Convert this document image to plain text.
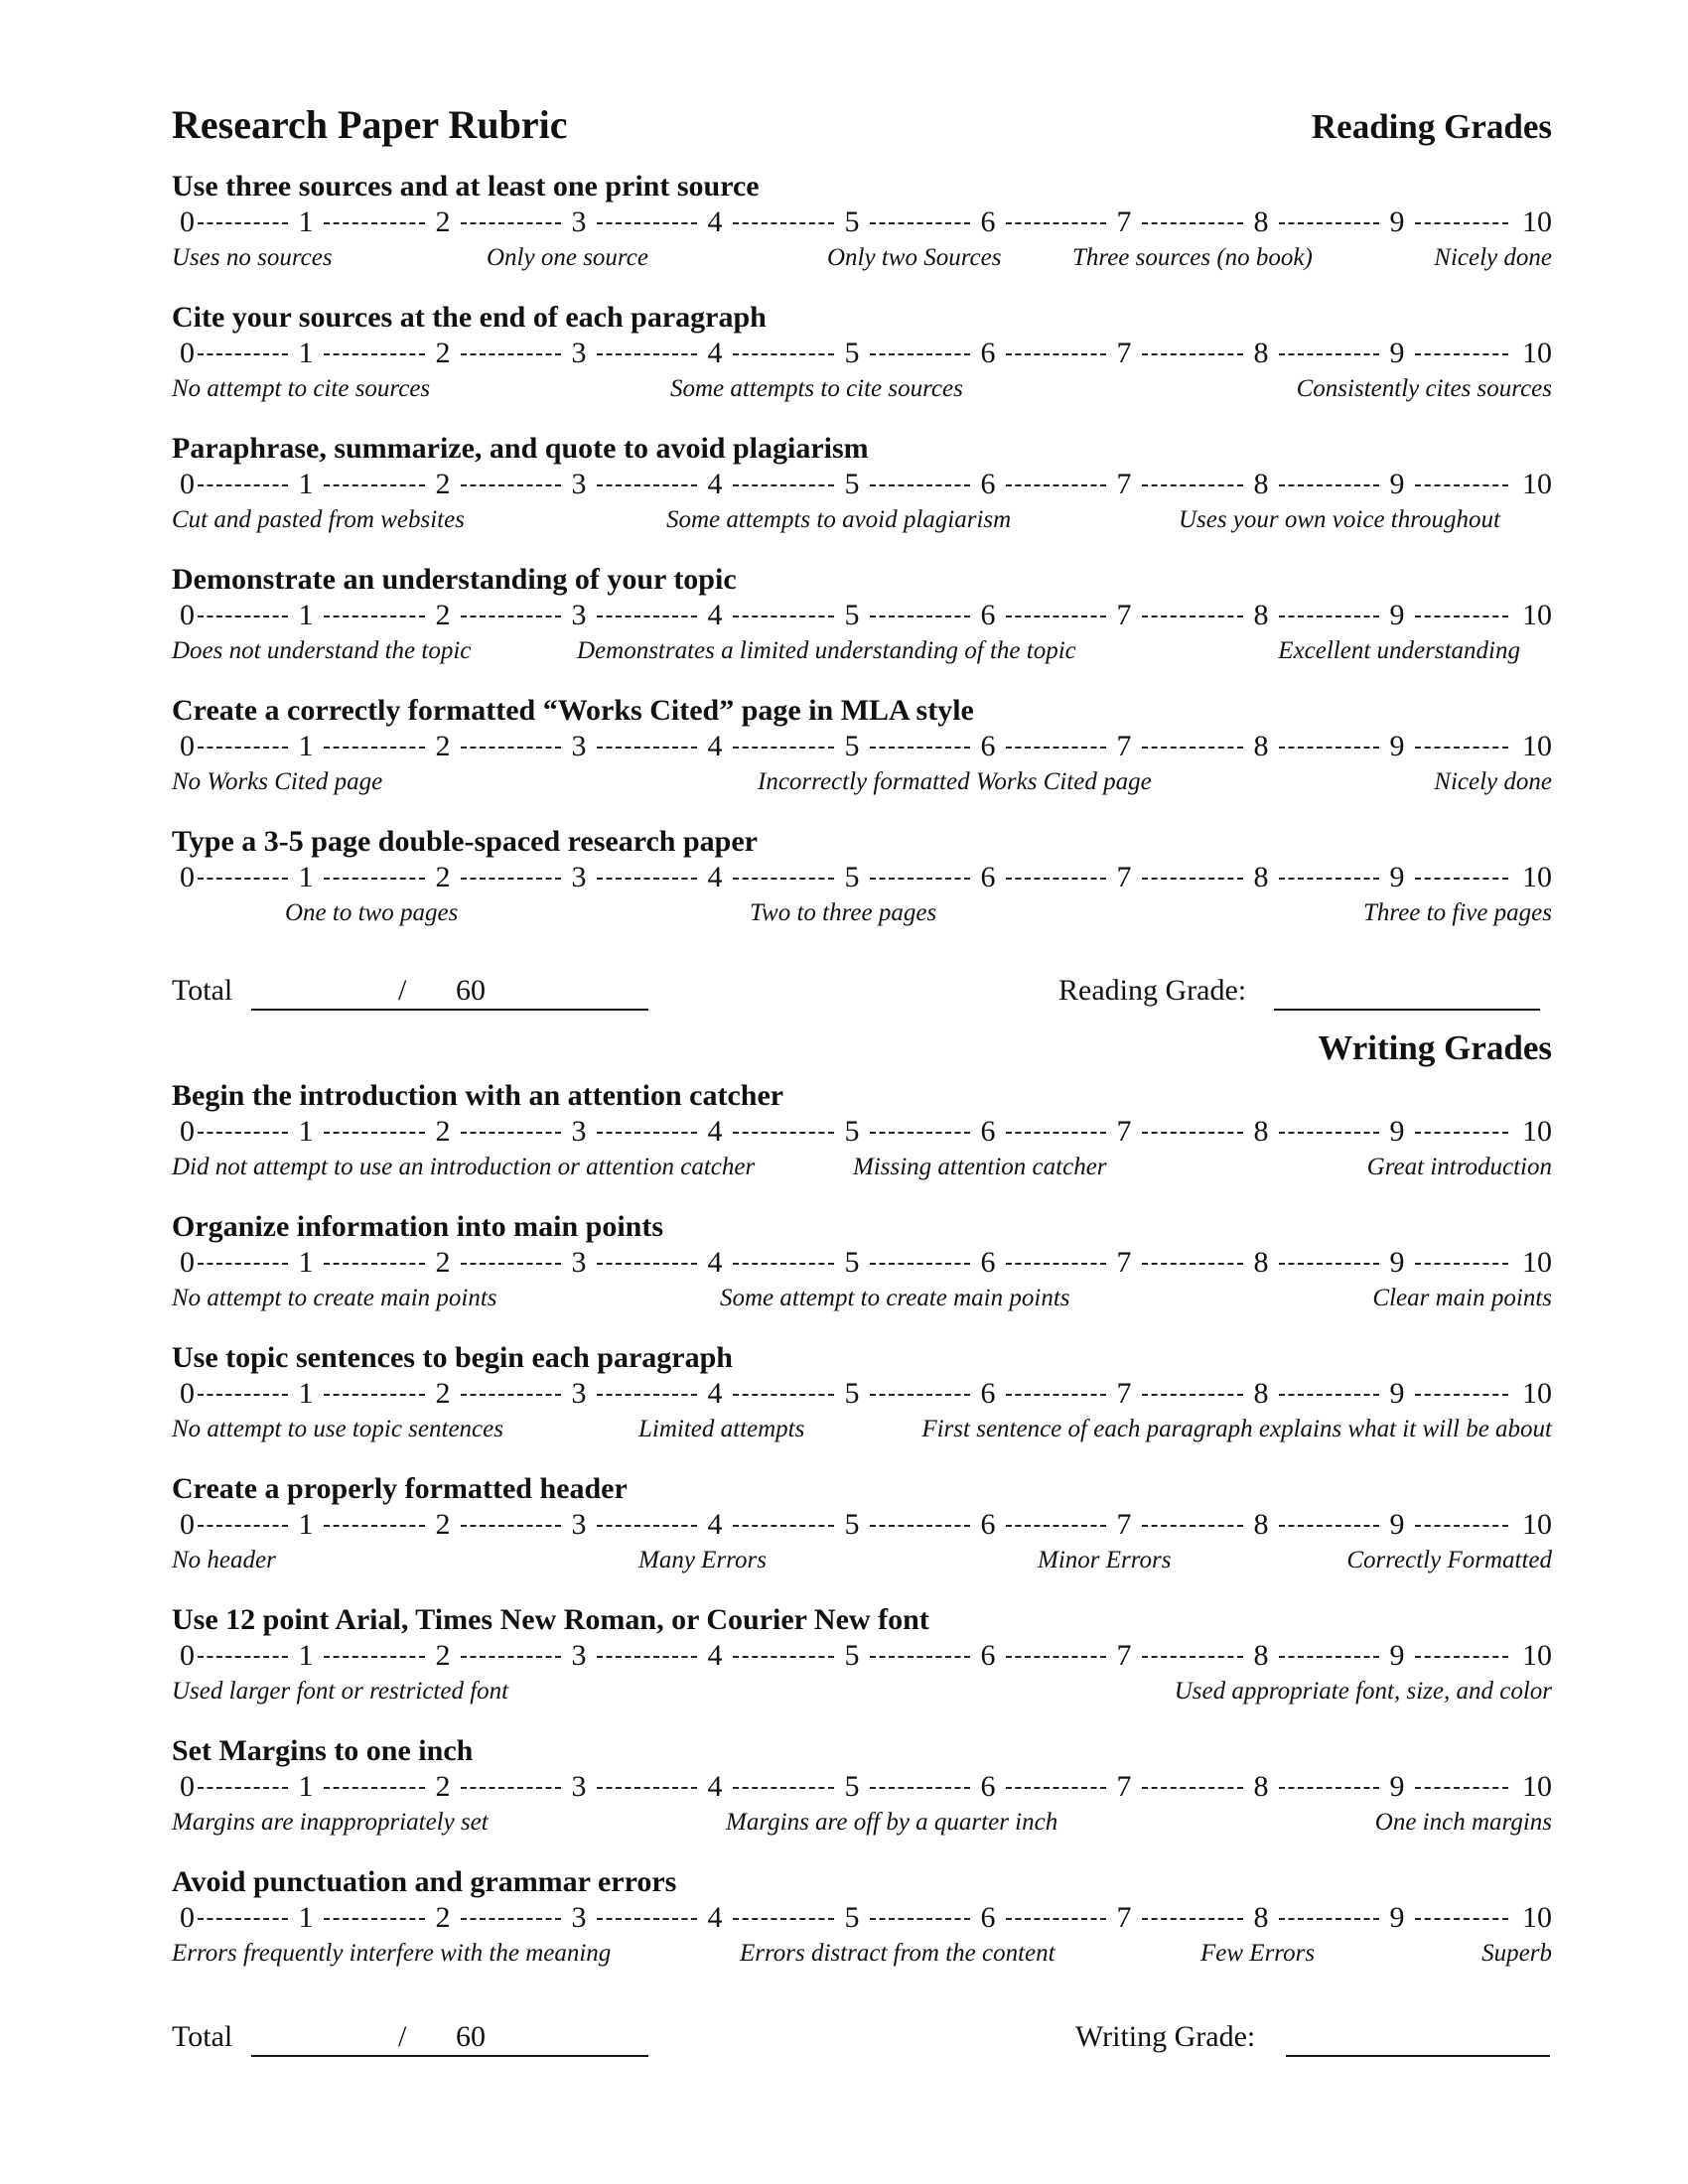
Research Paper Rubric	Reading Grades
Use three sources and at least one print source
0	1	2	3	4	5	6	7	8	9	10
Uses no sources	Only one source	Only two Sources	Three sources (no book)	Nicely done
Cite your sources at the end of each paragraph
0	1	2	3	4	5	6	7	8	9	10
No attempt to cite sources	Some attempts to cite sources	Consistently cites sources
Paraphrase, summarize, and quote to avoid plagiarism
0	1	2	3	4	5	6	7	8	9	10
Cut and pasted from websites	Some attempts to avoid plagiarism	Uses your own voice throughout
Demonstrate an understanding of your topic
0	1	2	3	4	5	6	7	8	9	10
Does not understand the topic	Demonstrates a limited understanding of the topic	Excellent understanding
Create a correctly formatted “Works Cited” page in MLA style
0	1	2	3	4	5	6	7	8	9	10
No Works Cited page	Incorrectly formatted Works Cited page	Nicely done
Type a 3-5 page double-spaced research paper
0	1	2	3	4	5	6	7	8	9	10
One to two pages	Two to three pages	Three to five pages
Total	/ 60	Reading Grade:
Writing Grades
Begin the introduction with an attention catcher
0	1	2	3	4	5	6	7	8	9	10
Did not attempt to use an introduction or attention catcher	Missing attention catcher	Great introduction
Organize information into main points
0	1	2	3	4	5	6	7	8	9	10
No attempt to create main points	Some attempt to create main points	Clear main points
Use topic sentences to begin each paragraph
0	1	2	3	4	5	6	7	8	9	10
No attempt to use topic sentences	Limited attempts	First sentence of each paragraph explains what it will be about
Create a properly formatted header
0	1	2	3	4	5	6	7	8	9	10
No header	Many Errors	Minor Errors	Correctly Formatted
Use 12 point Arial, Times New Roman, or Courier New font
0	1	2	3	4	5	6	7	8	9	10
Used larger font or restricted font	Used appropriate font, size, and color
Set Margins to one inch
0	1	2	3	4	5	6	7	8	9	10
Margins are inappropriately set	Margins are off by a quarter inch	One inch margins
Avoid punctuation and grammar errors
0	1	2	3	4	5	6	7	8	9	10
Errors frequently interfere with the meaning	Errors distract from the content	Few Errors	Superb
Total	/ 60	Writing Grade:
